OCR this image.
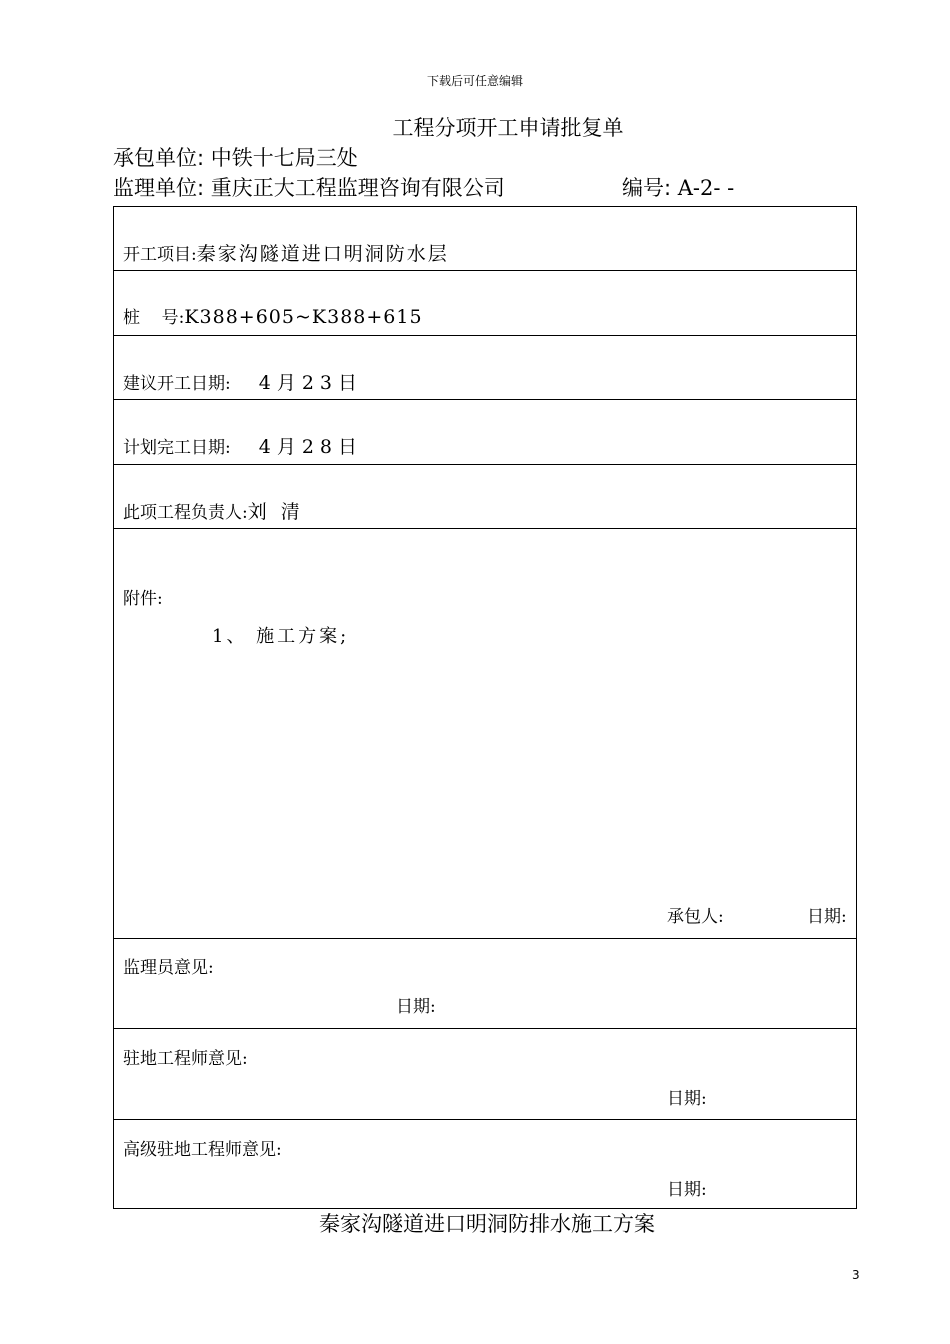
下载后可任意编辑
工程分项开工申请批复单
承包单位: 中铁十七局三处
监理单位: 重庆正大工程监理咨询有限公司	编号: A-2- -
开工项目:秦家沟隧道进口明洞防水层
桩    号:K388+605~K388+615
建议开工日期: 4月23日
计划完工日期: 4月28日
此项工程负责人:刘 清
附件:
1、 施工方案;
承包人:	日期:
监理员意见:
日期:
驻地工程师意见:
日期:
高级驻地工程师意见:
日期:
秦家沟隧道进口明洞防排水施工方案
3
